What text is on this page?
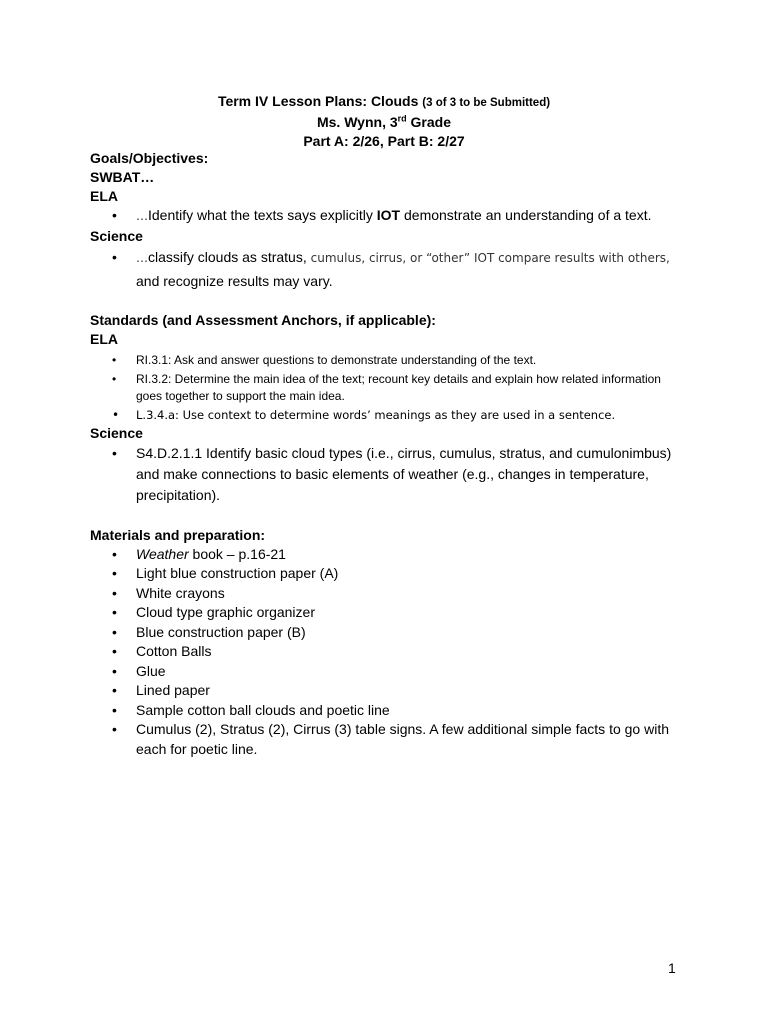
Term IV Lesson Plans: Clouds (3 of 3 to be Submitted)
Ms. Wynn, 3rd Grade
Part A: 2/26, Part B: 2/27

Goals/Objectives:

SWBAT…

ELA

• …Identify what the texts says explicitly IOT demonstrate an understanding of a text.

Science

• …classify clouds as stratus, cumulus, cirrus, or “other” IOT compare results with others,
and recognize results may vary.

Standards (and Assessment Anchors, if applicable):

ELA

• RI.3.1: Ask and answer questions to demonstrate understanding of the text.
• RI.3.2: Determine the main idea of the text; recount key details and explain how related information goes together to support the main idea.
• L.3.4.a: Use context to determine words’ meanings as they are used in a sentence.

Science

• S4.D.2.1.1 Identify basic cloud types (i.e., cirrus, cumulus, stratus, and cumulonimbus) and make connections to basic elements of weather (e.g., changes in temperature, precipitation).

Materials and preparation:

• Weather book – p.16-21
• Light blue construction paper (A)
• White crayons
• Cloud type graphic organizer
• Blue construction paper (B)
• Cotton Balls
• Glue
• Lined paper
• Sample cotton ball clouds and poetic line
• Cumulus (2), Stratus (2), Cirrus (3) table signs. A few additional simple facts to go with each for poetic line.
1
